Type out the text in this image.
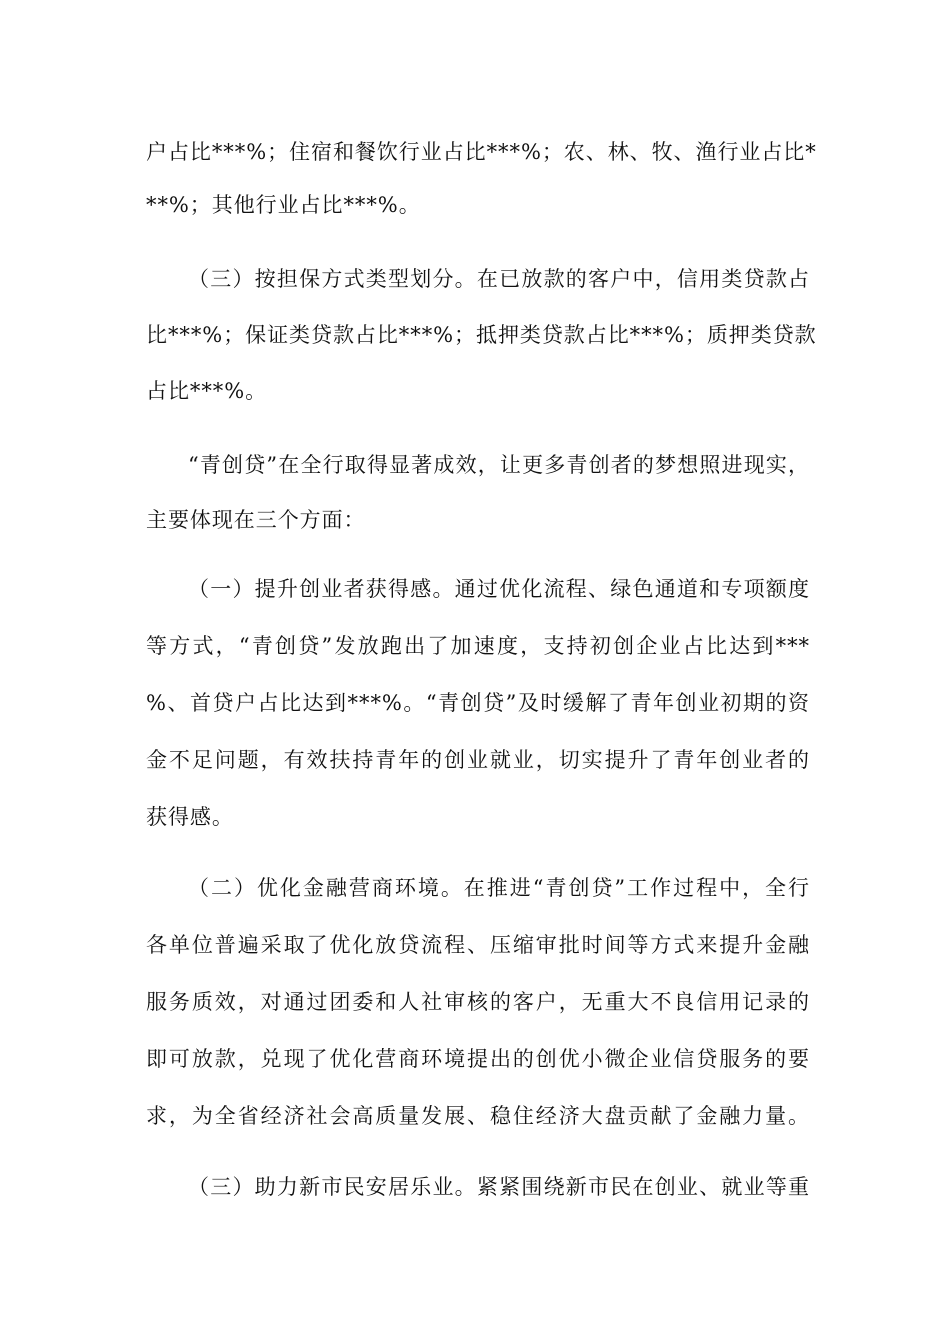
户占比***%；住宿和餐饮行业占比***%；农、林、牧、渔行业占比*
**%；其他行业占比***%。
（三）按担保方式类型划分。在已放款的客户中，信用类贷款占
比***%；保证类贷款占比***%；抵押类贷款占比***%；质押类贷款
占比***%。
“青创贷”在全行取得显著成效，让更多青创者的梦想照进现实，
主要体现在三个方面：
（一）提升创业者获得感。通过优化流程、绿色通道和专项额度
等方式，“青创贷”发放跑出了加速度，支持初创企业占比达到***
%、首贷户占比达到***%。“青创贷”及时缓解了青年创业初期的资
金不足问题，有效扶持青年的创业就业，切实提升了青年创业者的
获得感。
（二）优化金融营商环境。在推进“青创贷”工作过程中，全行
各单位普遍采取了优化放贷流程、压缩审批时间等方式来提升金融
服务质效，对通过团委和人社审核的客户，无重大不良信用记录的
即可放款，兑现了优化营商环境提出的创优小微企业信贷服务的要
求，为全省经济社会高质量发展、稳住经济大盘贡献了金融力量。
（三）助力新市民安居乐业。紧紧围绕新市民在创业、就业等重
